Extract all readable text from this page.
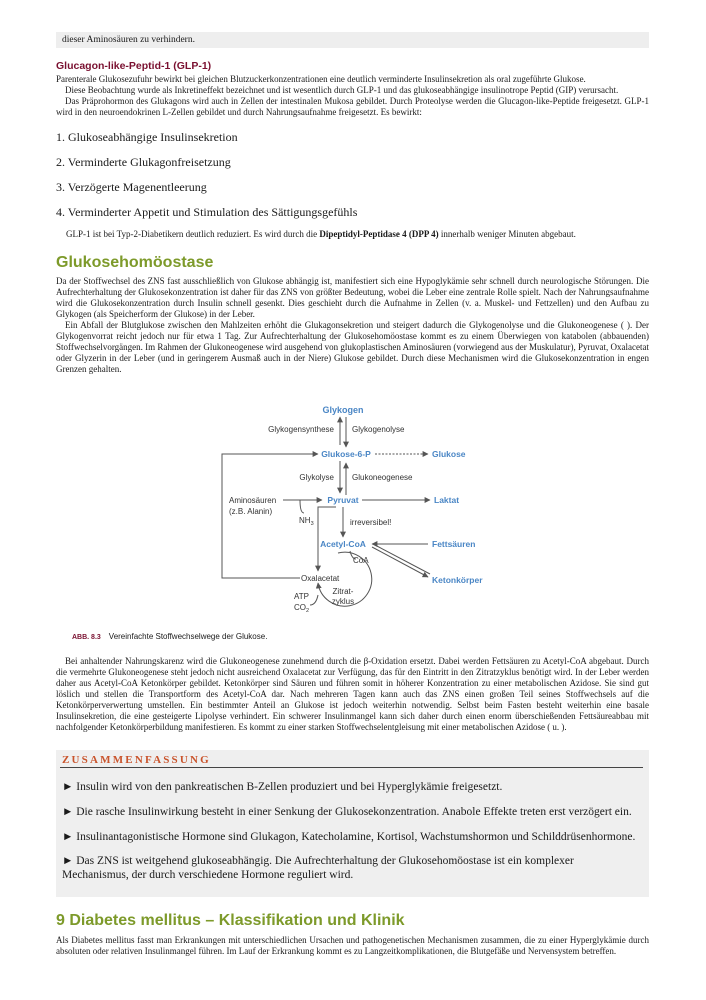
dieser Aminosäuren zu verhindern.
Glucagon-like-Peptid-1 (GLP-1)

Parenterale Glukosezufuhr bewirkt bei gleichen Blutzuckerkonzentrationen eine deutlich verminderte Insulinsekretion als oral zugeführte Glukose.

Diese Beobachtung wurde als Inkretineffekt bezeichnet und ist wesentlich durch GLP-1 und das glukoseabhängige insulinotrope Peptid (GIP) verursacht.

Das Präprohormon des Glukagons wird auch in Zellen der intestinalen Mukosa gebildet. Durch Proteolyse werden die Glucagon-like-Peptide freigesetzt. GLP-1 wird in den neuroendokrinen L-Zellen gebildet und durch Nahrungsaufnahme freigesetzt. Es bewirkt:

1. Glukoseabhängige Insulinsekretion
2. Verminderte Glukagonfreisetzung
3. Verzögerte Magenentleerung
4. Verminderter Appetit und Stimulation des Sättigungsgefühls
GLP-1 ist bei Typ-2-Diabetikern deutlich reduziert. Es wird durch die Dipeptidyl-Peptidase 4 (DPP 4) innerhalb weniger Minuten abgebaut.
Glukosehomöostase

Da der Stoffwechsel des ZNS fast ausschließlich von Glukose abhängig ist, manifestiert sich eine Hypoglykämie sehr schnell durch neurologische Störungen. Die Aufrechterhaltung der Glukosekonzentration ist daher für das ZNS von größter Bedeutung, wobei die Leber eine zentrale Rolle spielt. Nach der Nahrungsaufnahme wird die Glukosekonzentration durch Insulin schnell gesenkt. Dies geschieht durch die Aufnahme in Zellen (v. a. Muskel- und Fettzellen) und den Aufbau zu Glykogen (als Speicherform der Glukose) in der Leber.

Ein Abfall der Blutglukose zwischen den Mahlzeiten erhöht die Glukagonsekretion und steigert dadurch die Glykogenolyse und die Glukoneogenese ( ). Der Glykogenvorrat reicht jedoch nur für etwa 1 Tag. Zur Aufrechterhaltung der Glukosehomöostase kommt es zu einem Überwiegen von katabolen (abbauenden) Stoffwechselvorgängen. Im Rahmen der Glukoneogenese wird ausgehend von glukoplastischen Aminosäuren (vorwiegend aus der Muskulatur), Pyruvat, Oxalacetat oder Glyzerin in der Leber (und in geringerem Ausmaß auch in der Niere) Glukose gebildet. Durch diese Mechanismen wird die Glukosekonzentration in engen Grenzen gehalten.

Glykogen
Glykogensynthese Glykogenolyse
Glukose-6-P	Glukose
Glykolyse Glukoneogenese
Aminosäuren
(z.B. Alanin)
$NH_3$
Pyruvat	Laktat
irreversibel!
Acetyl-CoA	Fettsäuren
Ketonkörper
CoA
Zitrat-
zyklus
Oxalacetat
ATP
$CO_2$
ABB. 8.3 Vereinfachte Stoffwechselwege der Glukose.

Bei anhaltender Nahrungskarenz wird die Glukoneogenese zunehmend durch die β-Oxidation ersetzt. Dabei werden Fettsäuren zu Acetyl-CoA abgebaut. Durch die vermehrte Glukoneogenese steht jedoch nicht ausreichend Oxalacetat zur Verfügung, das für den Eintritt in den Zitratzyklus benötigt wird. In der Leber werden daher aus Acetyl-CoA Ketonkörper gebildet. Ketonkörper sind Säuren und führen somit in höherer Konzentration zu einer metabolischen Azidose. Sie sind gut löslich und stellen die Transportform des Acetyl-CoA dar. Nach mehreren Tagen kann auch das ZNS einen großen Teil seines Stoffwechsels auf die Ketonkörperverwertung umstellen. Ein bestimmter Anteil an Glukose ist jedoch weiterhin notwendig. Selbst beim Fasten besteht weiterhin eine basale Insulinsekretion, die eine gesteigerte Lipolyse verhindert. Ein schwerer Insulinmangel kann sich daher durch einen enorm überschießenden Fettsäureabbau mit nachfolgender Ketonkörperbildung manifestieren. Es kommt zu einer starken Stoffwechselentgleisung mit einer metabolischen Azidose ( u. ).

ZUSAMMENFASSUNG
► Insulin wird von den pankreatischen B-Zellen produziert und bei Hyperglykämie freigesetzt.
► Die rasche Insulinwirkung besteht in einer Senkung der Glukosekonzentration. Anabole Effekte treten erst verzögert ein.
► Insulinantagonistische Hormone sind Glukagon, Katecholamine, Kortisol, Wachstumshormon und Schilddrüsenhormone.
► Das ZNS ist weitgehend glukoseabhängig. Die Aufrechterhaltung der Glukosehomöostase ist ein komplexer Mechanismus, der durch verschiedene Hormone reguliert wird.
9 Diabetes mellitus – Klassifikation und Klinik

Als Diabetes mellitus fasst man Erkrankungen mit unterschiedlichen Ursachen und pathogenetischen Mechanismen zusammen, die zu einer Hyperglykämie durch absoluten oder relativen Insulinmangel führen. Im Lauf der Erkrankung kommt es zu Langzeitkomplikationen, die Blutgefäße und Nervensystem betreffen.
